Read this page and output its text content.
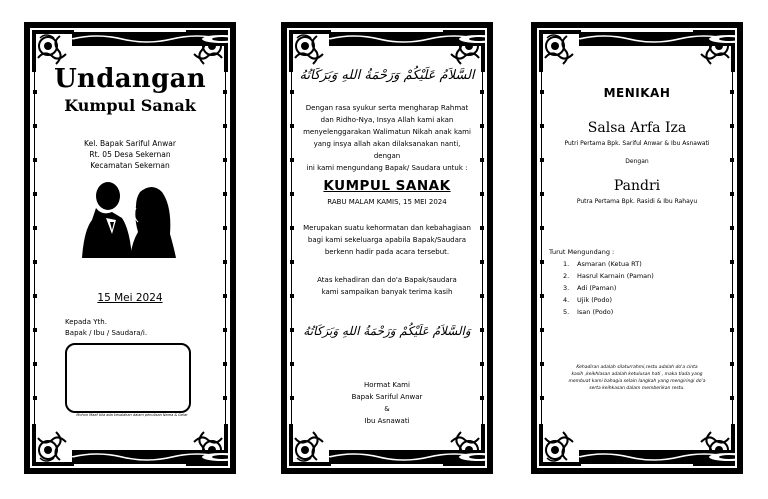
Undangan
Kumpul Sanak
Kel. Bapak Sariful Anwar
Rt. 05 Desa Sekernan
Kecamatan Sekernan
15 Mei 2024
Kepada Yth.
Bapak / Ibu / Saudara/i.
Mohon Maaf bila ada kesalahan dalam penulisan Nama & Gelar
السَّلاَمُ عَلَيْكُمْ وَرَحْمَةُ اللهِ وَبَرَكَاتُهُ
Dengan rasa syukur serta mengharap Rahmat
dan Ridho-Nya, Insya Allah kami akan
menyelenggarakan Walimatun Nikah anak kami
yang insya allah akan dilaksanakan nanti, dengan
ini kami mengundang Bapak/ Saudara untuk :
KUMPUL SANAK
RABU MALAM KAMIS, 15 MEI 2024
Merupakan suatu kehormatan dan kebahagiaan
bagi kami sekeluarga apabila Bapak/Saudara
berkenn hadir pada acara tersebut.
Atas kehadiran dan do'a Bapak/saudara
kami sampaikan banyak terima kasih
وَالسَّلاَمُ عَلَيْكُمْ وَرَحْمَةُ اللهِ وَبَرَكَاتُهُ
Hormat Kami
Bapak Sariful Anwar
&
Ibu Asnawati
MENIKAH
Salsa Arfa Iza
Putri Pertama Bpk. Sariful Anwar & Ibu Asnawati
Dengan
Pandri
Putra Pertama Bpk. Rasidi & Ibu Rahayu
Turut Mengundang :
1. Asmaran (Ketua RT)
2. Hasrul Karnain (Paman)
3. Adi (Paman)
4. Ujik (Podo)
5. Isan (Podo)
Kehadiran adalah silaturrahmi,restu adalah do'a cinta
kasih ,keikhlasan adalah ketulusan hati , maka tiada yang
membuat kami bahagia selain langkah yang mengiringi do'a
serta keihkasan dalam memberikan restu.
